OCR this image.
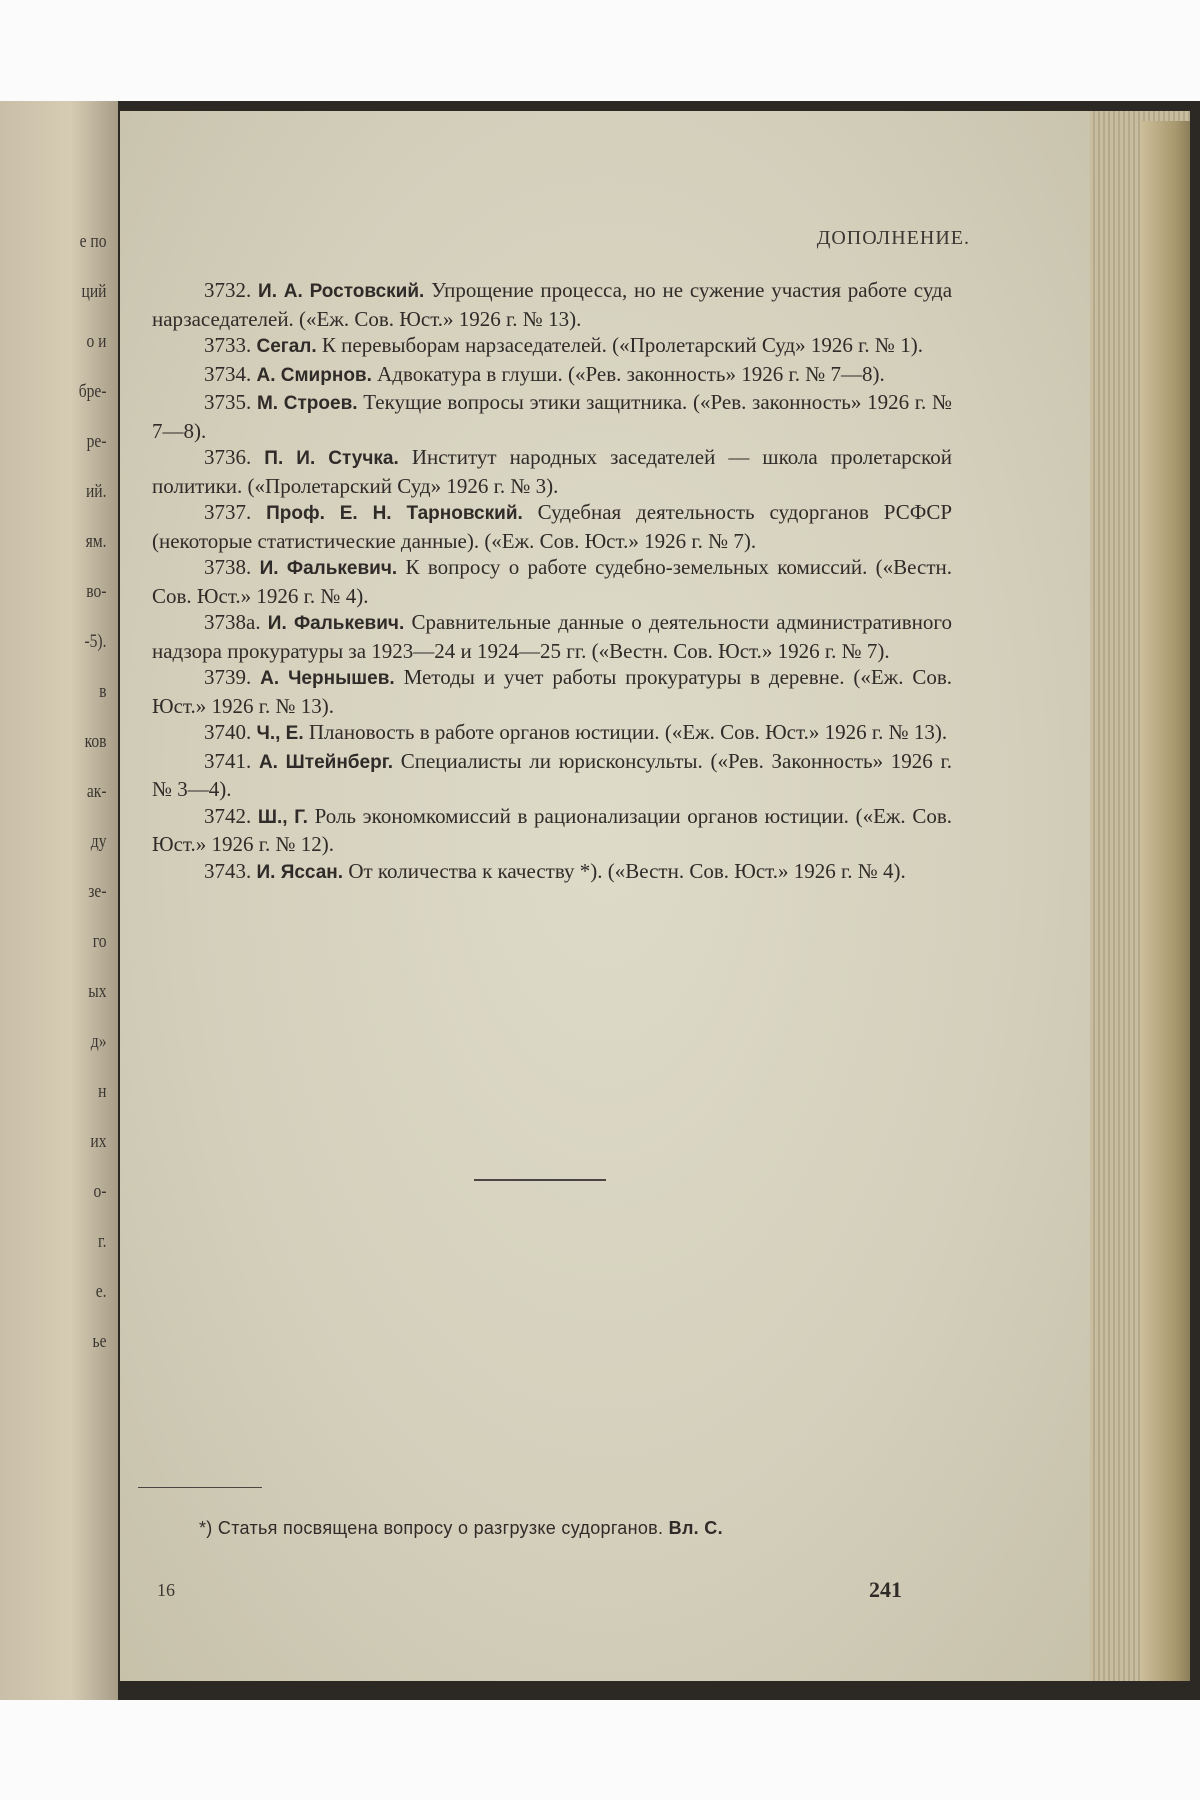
е по
ций
о и
бре-
ре-
ий.
ям.
во-
-5).
в
ков
ак-
ду
зе-
го
ых
д»
н
их
о-
г.
е.
ье
ДОПОЛНЕНИЕ.

3732. И. А. Ростовский. Упрощение процесса, но не сужение участия работе суда нарзаседателей. («Еж. Сов. Юст.» 1926 г. № 13).

3733. Сегал. К перевыборам нарзаседателей. («Пролетарский Суд» 1926 г. № 1).

3734. А. Смирнов. Адвокатура в глуши. («Рев. законность» 1926 г. № 7—8).

3735. М. Строев. Текущие вопросы этики защитника. («Рев. законность» 1926 г. № 7—8).

3736. П. И. Стучка. Институт народных заседателей — школа пролетарской политики. («Пролетарский Суд» 1926 г. № 3).

3737. Проф. Е. Н. Тарновский. Судебная деятельность судорганов РСФСР (некоторые статистические данные). («Еж. Сов. Юст.» 1926 г. № 7).

3738. И. Фалькевич. К вопросу о работе судебно-земельных комиссий. («Вестн. Сов. Юст.» 1926 г. № 4).

3738а. И. Фалькевич. Сравнительные данные о деятельности административного надзора прокуратуры за 1923—24 и 1924—25 гг. («Вестн. Сов. Юст.» 1926 г. № 7).

3739. А. Чернышев. Методы и учет работы прокуратуры в деревне. («Еж. Сов. Юст.» 1926 г. № 13).

3740. Ч., Е. Плановость в работе органов юстиции. («Еж. Сов. Юст.» 1926 г. № 13).

3741. А. Штейнберг. Специалисты ли юрисконсульты. («Рев. Законность» 1926 г. № 3—4).

3742. Ш., Г. Роль экономкомиссий в рационализации органов юстиции. («Еж. Сов. Юст.» 1926 г. № 12).

3743. И. Яссан. От количества к качеству *). («Вестн. Сов. Юст.» 1926 г. № 4).

*) Статья посвящена вопросу о разгрузке судорганов. Вл. С.
16	241
